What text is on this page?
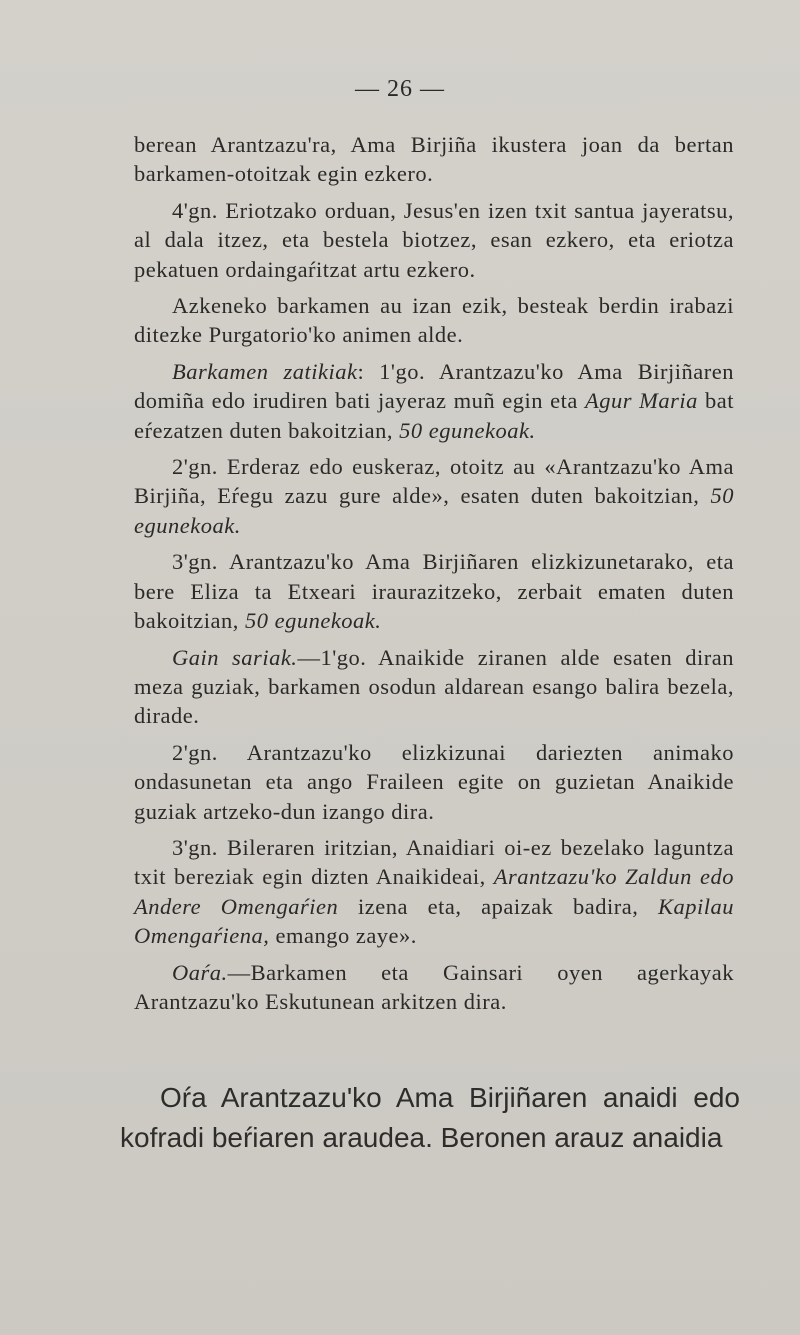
— 26 —

berean Arantzazu'ra, Ama Birjiña ikustera joan da bertan barkamen-otoitzak egin ezkero.

4'gn. Eriotzako orduan, Jesus'en izen txit santua jayeratsu, al dala itzez, eta bestela biotzez, esan ezkero, eta eriotza pekatuen ordaingaŕitzat artu ezkero.

Azkeneko barkamen au izan ezik, besteak berdin irabazi ditezke Purgatorio'ko animen alde.

Barkamen zatikiak: 1'go. Arantzazu'ko Ama Birjiñaren domiña edo irudiren bati jayeraz muñ egin eta Agur Maria bat eŕezatzen duten bakoitzian, 50 egunekoak.

2'gn. Erderaz edo euskeraz, otoitz au «Arantzazu'ko Ama Birjiña, Eŕegu zazu gure alde», esaten duten bakoitzian, 50 egunekoak.

3'gn. Arantzazu'ko Ama Birjiñaren elizkizunetarako, eta bere Eliza ta Etxeari iraurazitzeko, zerbait ematen duten bakoitzian, 50 egunekoak.

Gain sariak.—1'go. Anaikide ziranen alde esaten diran meza guziak, barkamen osodun aldarean esango balira bezela, dirade.

2'gn. Arantzazu'ko elizkizunai dariezten animako ondasunetan eta ango Fraileen egite on guzietan Anaikide guziak artzeko-dun izango dira.

3'gn. Bileraren iritzian, Anaidiari oi-ez bezelako laguntza txit bereziak egin dizten Anaikideai, Arantzazu'ko Zaldun edo Andere Omengaŕien izena eta, apaizak badira, Kapilau Omengaŕiena, emango zaye».

Oaŕa.—Barkamen eta Gainsari oyen agerkayak Arantzazu'ko Eskutunean arkitzen dira.

Oŕa Arantzazu'ko Ama Birjiñaren anaidi edo kofradi beŕiaren araudea. Beronen arauz anaidia
